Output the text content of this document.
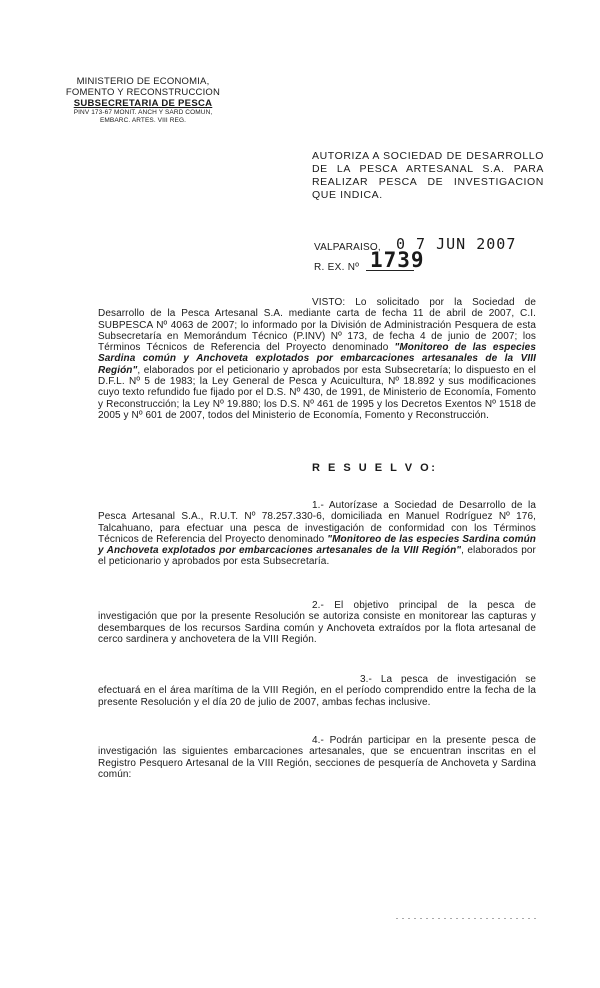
MINISTERIO DE ECONOMIA,
FOMENTO Y RECONSTRUCCION
SUBSECRETARIA DE PESCA
PINV 173-67 MONIT. ANCH Y SARD COMUN,
EMBARC. ARTES. VIII REG.
AUTORIZA A SOCIEDAD DE DESARROLLO DE LA PESCA ARTESANAL S.A. PARA REALIZAR PESCA DE INVESTIGACION QUE INDICA.
VALPARAISO, 0 7 JUN 2007
R. EX. Nº 1739
VISTO: Lo solicitado por la Sociedad de Desarrollo de la Pesca Artesanal S.A. mediante carta de fecha 11 de abril de 2007, C.I. SUBPESCA Nº 4063 de 2007; lo informado por la División de Administración Pesquera de esta Subsecretaría en Memorándum Técnico (P.INV) Nº 173, de fecha 4 de junio de 2007; los Términos Técnicos de Referencia del Proyecto denominado "Monitoreo de las especies Sardina común y Anchoveta explotados por embarcaciones artesanales de la VIII Región", elaborados por el peticionario y aprobados por esta Subsecretaría; lo dispuesto en el D.F.L. Nº 5 de 1983; la Ley General de Pesca y Acuicultura, Nº 18.892 y sus modificaciones cuyo texto refundido fue fijado por el D.S. Nº 430, de 1991, de Ministerio de Economía, Fomento y Reconstrucción; la Ley Nº 19.880; los D.S. Nº 461 de 1995 y los Decretos Exentos Nº 1518 de 2005 y Nº 601 de 2007, todos del Ministerio de Economía, Fomento y Reconstrucción.
R E S U E L V O:
1.- Autorízase a Sociedad de Desarrollo de la Pesca Artesanal S.A., R.U.T. Nº 78.257.330-6, domiciliada en Manuel Rodríguez Nº 176, Talcahuano, para efectuar una pesca de investigación de conformidad con los Términos Técnicos de Referencia del Proyecto denominado "Monitoreo de las especies Sardina común y Anchoveta explotados por embarcaciones artesanales de la VIII Región", elaborados por el peticionario y aprobados por esta Subsecretaría.
2.- El objetivo principal de la pesca de investigación que por la presente Resolución se autoriza consiste en monitorear las capturas y desembarques de los recursos Sardina común y Anchoveta extraídos por la flota artesanal de cerco sardinera y anchovetera de la VIII Región.
3.- La pesca de investigación se efectuará en el área marítima de la VIII Región, en el período comprendido entre la fecha de la presente Resolución y el día 20 de julio de 2007, ambas fechas inclusive.
4.- Podrán participar en la presente pesca de investigación las siguientes embarcaciones artesanales, que se encuentran inscritas en el Registro Pesquero Artesanal de la VIII Región, secciones de pesquería de Anchoveta y Sardina común:
